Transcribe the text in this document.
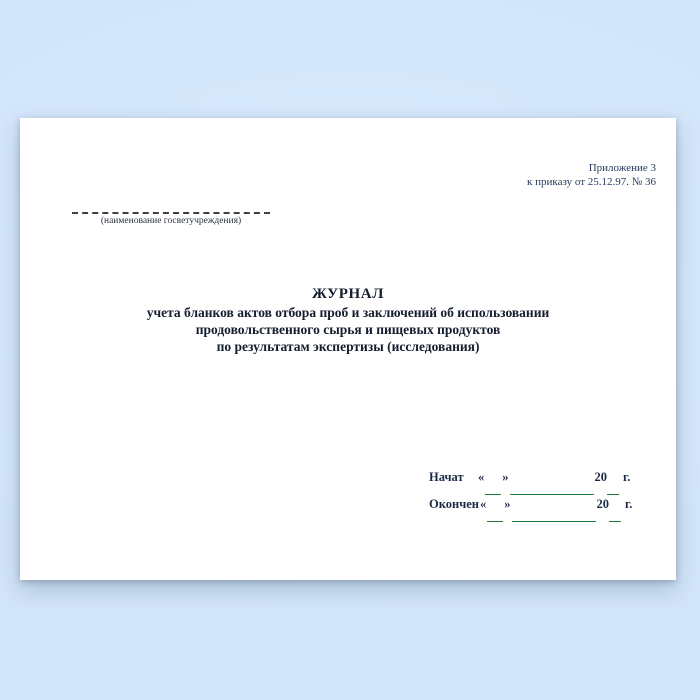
Приложение 3
к приказу от 25.12.97. № 36
(наименование госветучреждения)
ЖУРНАЛ
учета бланков актов отбора проб и заключений об использовании
продовольственного сырья и пищевых продуктов
по результатам экспертизы (исследования)
Начат	« »	20 г.
Окончен « »	20 г.
